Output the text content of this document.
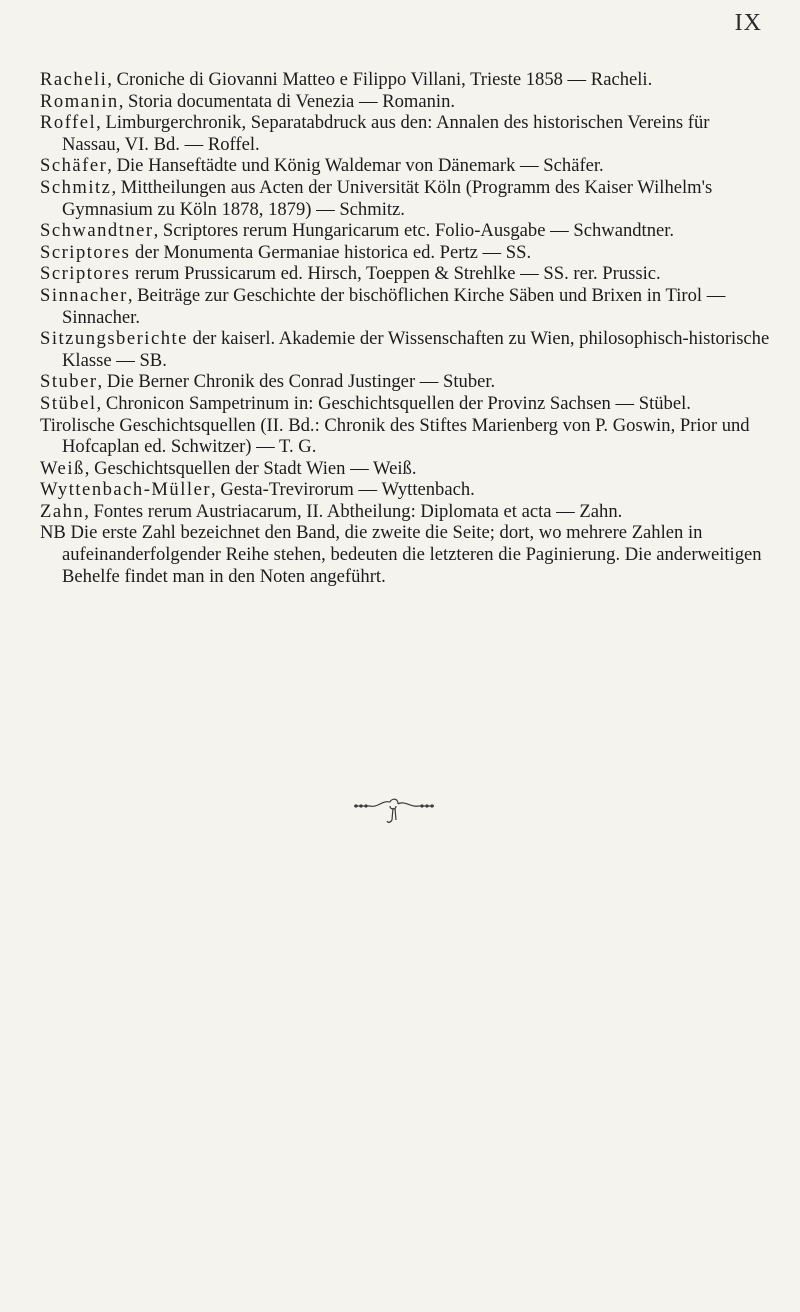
IX

Racheli, Croniche di Giovanni Matteo e Filippo Villani, Trieste 1858 — Racheli.

Romanin, Storia documentata di Venezia — Romanin.

Roffel, Limburgerchronik, Separatabdruck aus den: Annalen des historischen Vereins für Nassau, VI. Bd. — Roffel.

Schäfer, Die Hanseftädte und König Waldemar von Dänemark — Schäfer.

Schmitz, Mittheilungen aus Acten der Universität Köln (Programm des Kaiser Wilhelm's Gymnasium zu Köln 1878, 1879) — Schmitz.

Schwandtner, Scriptores rerum Hungaricarum etc. Folio-Ausgabe — Schwandtner.

Scriptores der Monumenta Germaniae historica ed. Pertz — SS.

Scriptores rerum Prussicarum ed. Hirsch, Toeppen & Strehlke — SS. rer. Prussic.

Sinnacher, Beiträge zur Geschichte der bischöflichen Kirche Säben und Brixen in Tirol — Sinnacher.

Sitzungsberichte der kaiserl. Akademie der Wissenschaften zu Wien, philosophisch-historische Klasse — SB.

Stuber, Die Berner Chronik des Conrad Justinger — Stuber.

Stübel, Chronicon Sampetrinum in: Geschichtsquellen der Provinz Sachsen — Stübel.

Tirolische Geschichtsquellen (II. Bd.: Chronik des Stiftes Marienberg von P. Goswin, Prior und Hofcaplan ed. Schwitzer) — T. G.

Weiß, Geschichtsquellen der Stadt Wien — Weiß.

Wyttenbach-Müller, Gesta-Trevirorum — Wyttenbach.

Zahn, Fontes rerum Austriacarum, II. Abtheilung: Diplomata et acta — Zahn.

NB Die erste Zahl bezeichnet den Band, die zweite die Seite; dort, wo mehrere Zahlen in aufeinanderfolgender Reihe stehen, bedeuten die letzteren die Paginierung. Die anderweitigen Behelfe findet man in den Noten angeführt.
